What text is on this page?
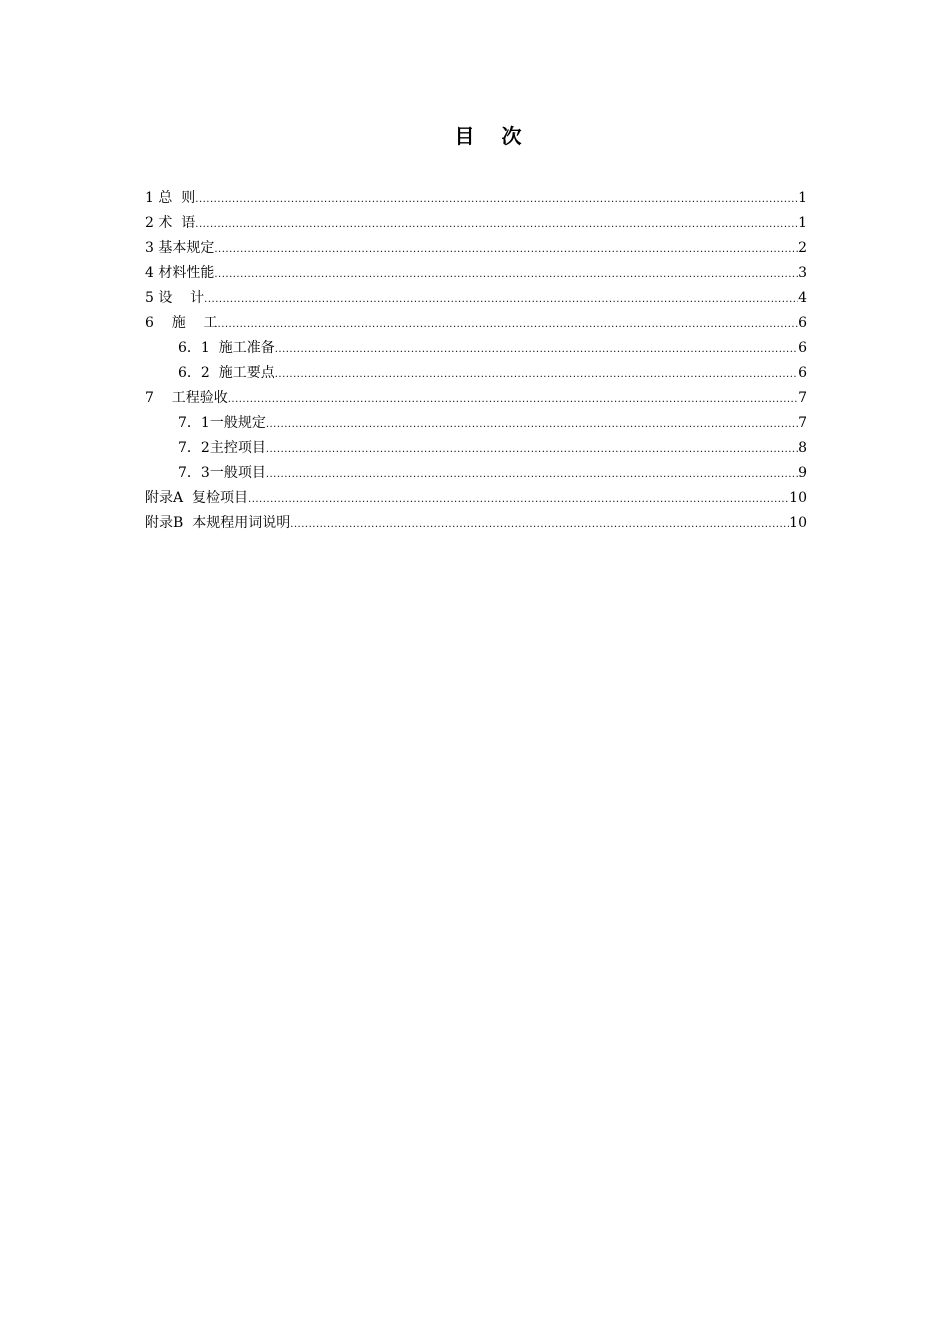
目 次
1 总  则 .....	1
2 术  语 .....	1
3 基本规定 .....	2
4 材料性能 .....	3
5 设    计 .....	4
6    施    工 .....	6
6．1  施工准备 .....	6
6．2  施工要点 .....	6
7    工程验收 .....	7
7．1一般规定 .....	7
7．2主控项目 .....	8
7．3一般项目 .....	9
附录A  复检项目 .....	10
附录B  本规程用词说明 .....	10
